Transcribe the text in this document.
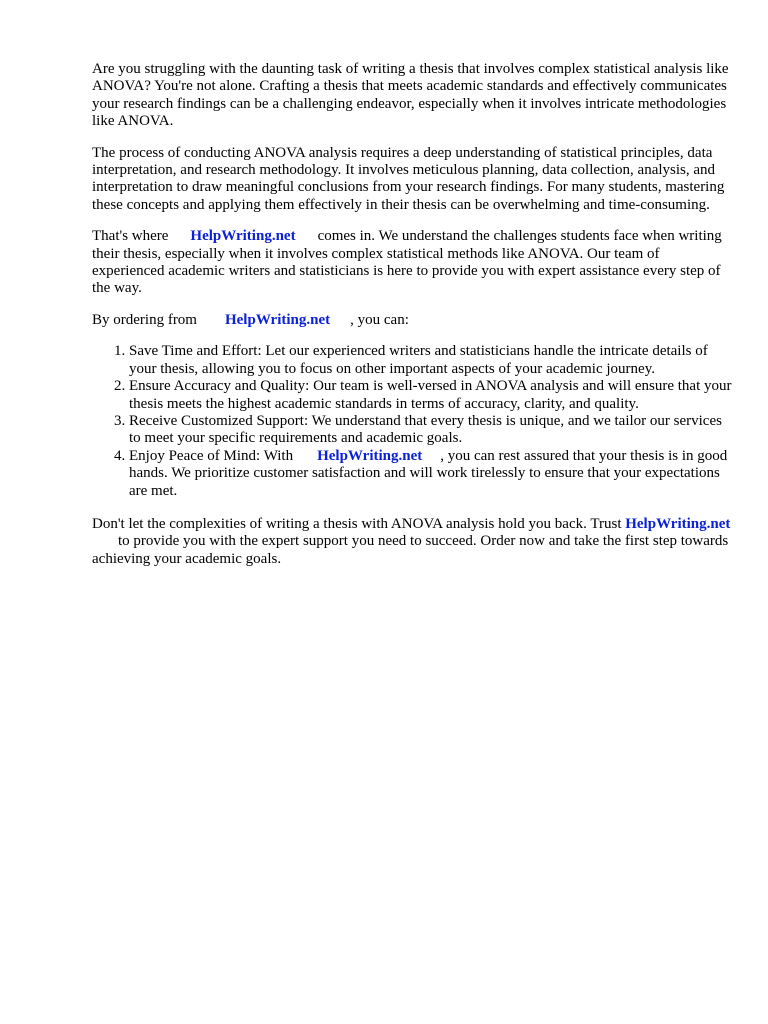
Are you struggling with the daunting task of writing a thesis that involves complex statistical analysis like ANOVA? You're not alone. Crafting a thesis that meets academic standards and effectively communicates your research findings can be a challenging endeavor, especially when it involves intricate methodologies like ANOVA.

The process of conducting ANOVA analysis requires a deep understanding of statistical principles, data interpretation, and research methodology. It involves meticulous planning, data collection, analysis, and interpretation to draw meaningful conclusions from your research findings. For many students, mastering these concepts and applying them effectively in their thesis can be overwhelming and time-consuming.

That's where HelpWriting.net comes in. We understand the challenges students face when writing their thesis, especially when it involves complex statistical methods like ANOVA. Our team of experienced academic writers and statisticians is here to provide you with expert assistance every step of the way.

By ordering from HelpWriting.net , you can:

1. Save Time and Effort: Let our experienced writers and statisticians handle the intricate details of your thesis, allowing you to focus on other important aspects of your academic journey.
2. Ensure Accuracy and Quality: Our team is well-versed in ANOVA analysis and will ensure that your thesis meets the highest academic standards in terms of accuracy, clarity, and quality.
3. Receive Customized Support: We understand that every thesis is unique, and we tailor our services to meet your specific requirements and academic goals.
4. Enjoy Peace of Mind: With HelpWriting.net , you can rest assured that your thesis is in good hands. We prioritize customer satisfaction and will work tirelessly to ensure that your expectations are met.

Don't let the complexities of writing a thesis with ANOVA analysis hold you back. Trust HelpWriting.netto provide you with the expert support you need to succeed. Order now and take the first step towards achieving your academic goals.
